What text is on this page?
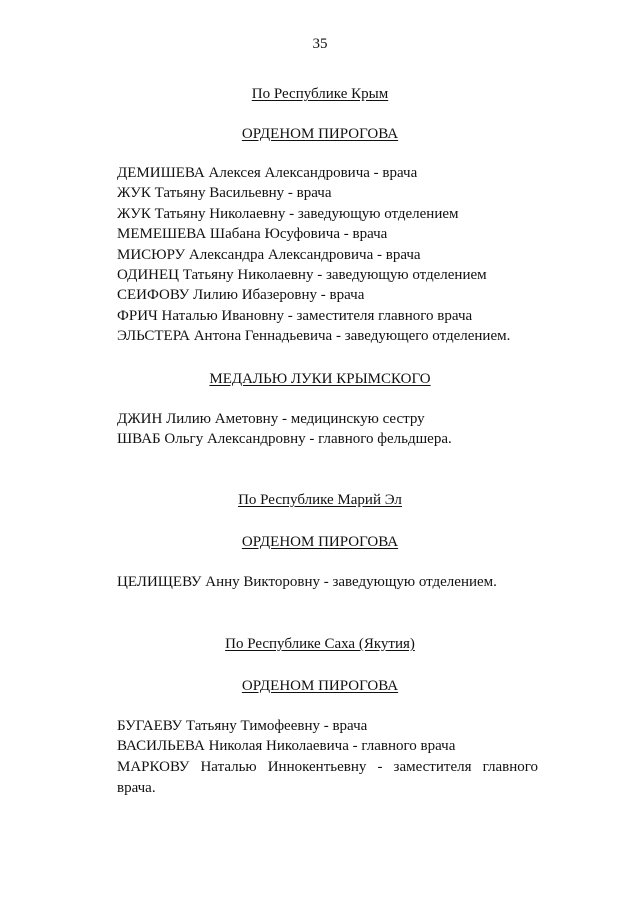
35
По Республике Крым
ОРДЕНОМ ПИРОГОВА
ДЕМИШЕВА Алексея Александровича - врача
ЖУК Татьяну Васильевну - врача
ЖУК Татьяну Николаевну - заведующую отделением
МЕМЕШЕВА Шабана Юсуфовича - врача
МИСЮРУ Александра Александровича - врача
ОДИНЕЦ Татьяну Николаевну - заведующую отделением
СЕИФОВУ Лилию Ибазеровну - врача
ФРИЧ Наталью Ивановну - заместителя главного врача
ЭЛЬСТЕРА Антона Геннадьевича - заведующего отделением.
МЕДАЛЬЮ ЛУКИ КРЫМСКОГО
ДЖИН Лилию Аметовну - медицинскую сестру
ШВАБ Ольгу Александровну - главного фельдшера.
По Республике Марий Эл
ОРДЕНОМ ПИРОГОВА
ЦЕЛИЩЕВУ Анну Викторовну - заведующую отделением.
По Республике Саха (Якутия)
ОРДЕНОМ ПИРОГОВА
БУГАЕВУ Татьяну Тимофеевну - врача
ВАСИЛЬЕВА Николая Николаевича - главного врача
МАРКОВУ Наталью Иннокентьевну - заместителя главного
врача.
